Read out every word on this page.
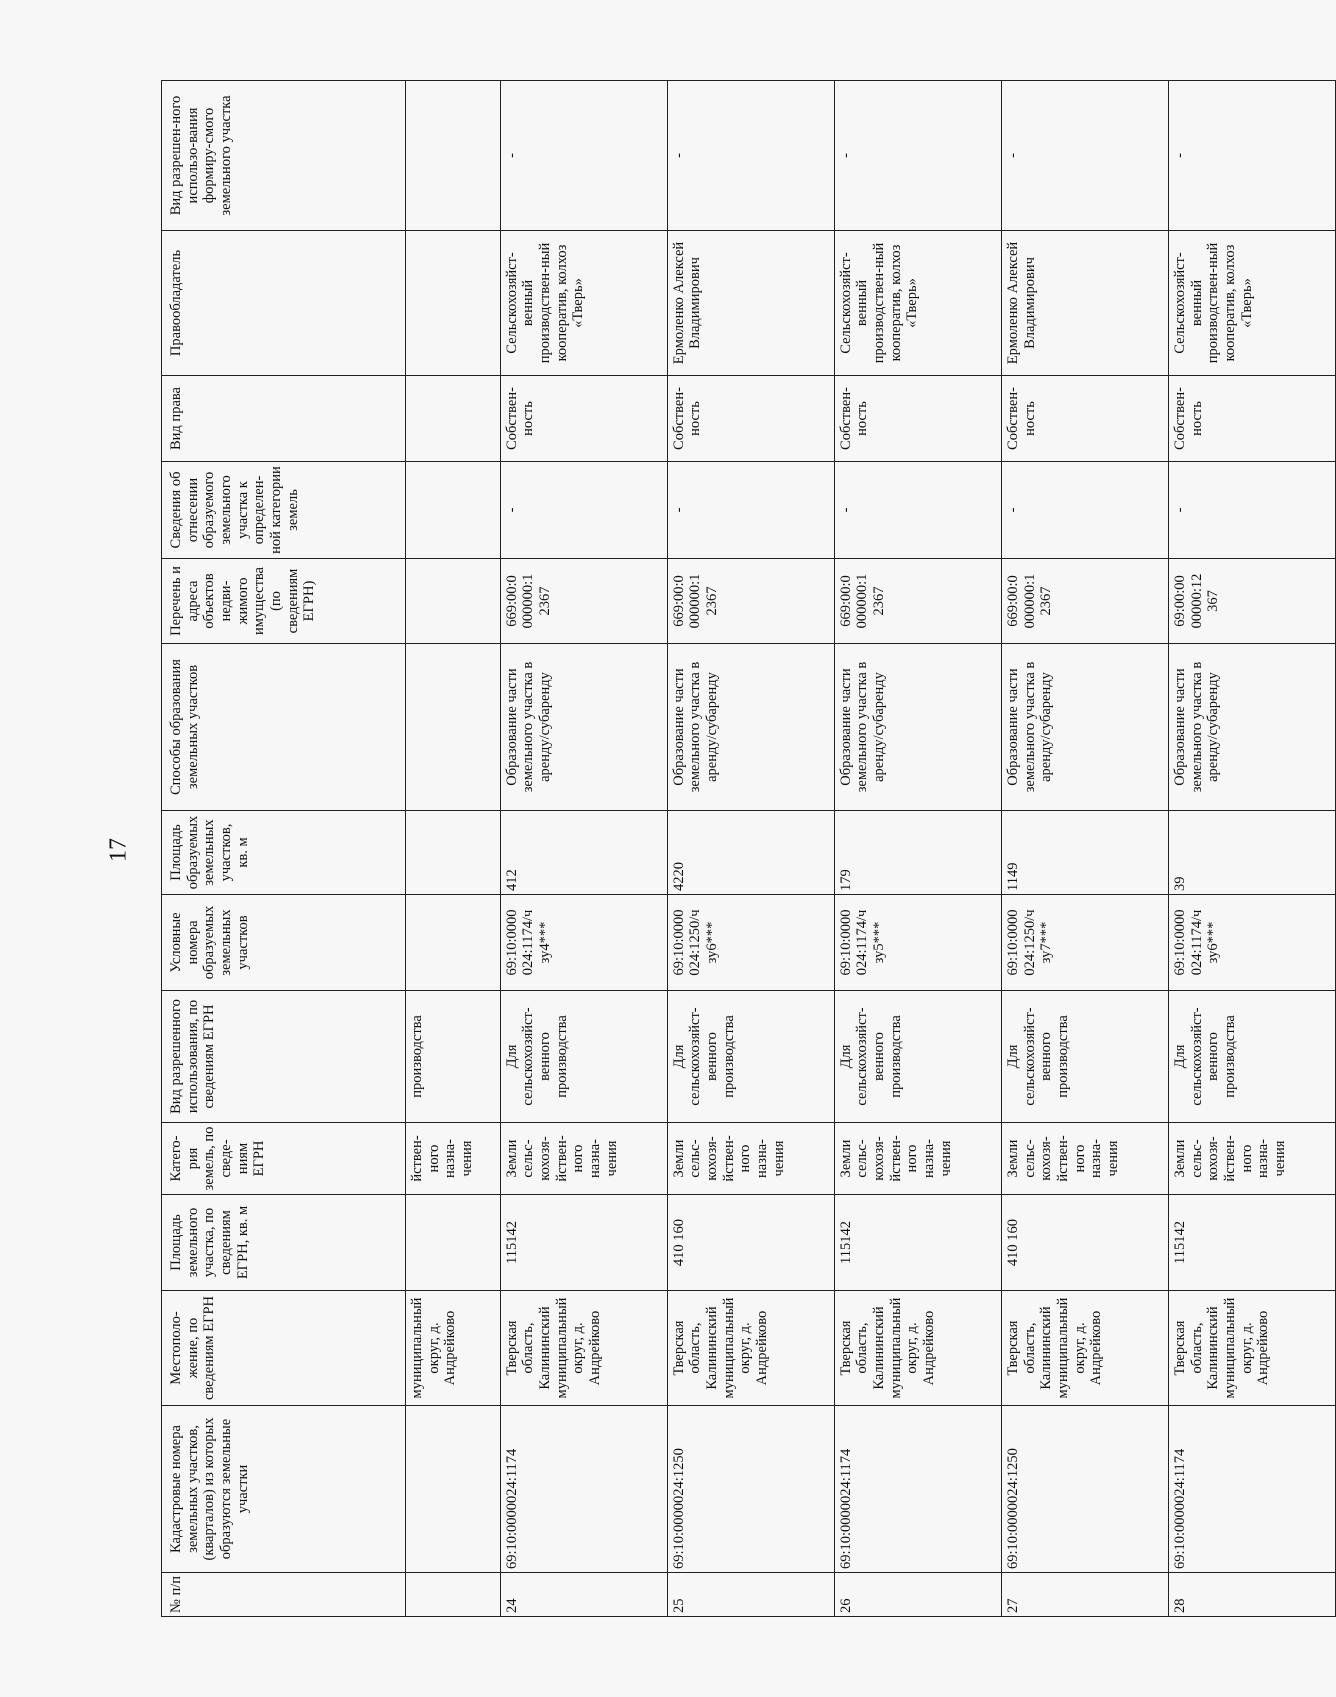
17
№ п/п	Кадастровые номера земельных участков, (кварталов) из которых образуются земельные участки	Местополо-жение, по сведениям ЕГРН	Площадь земельного участка, по сведениям ЕГРН, кв. м	Катего-рия земель, по сведе-ниям ЕГРН	Вид разрешенного использования, по сведениям ЕГРН	Условные номера образуемых земельных участков	Площадь образуемых земельных участков, кв. м	Способы образования земельных участков	Перечень и адреса объектов недви-жимого имущества (по сведениям ЕГРН)	Сведения об отнесении образуемого земельного участка к определен-ной категории земель	Вид права	Правообладатель	Вид разрешен-ного использо-вания формиру-смого земельного участка
		муниципальный округ, д. Андрейково		йствен-ного назна-чения	производства								
24	69:10:0000024:1174	Тверская область, Калининский муниципальный округ, д. Андрейково	115142	Земли сельс-кохозя-йствен-ного назна-чения	Для сельскохозяйст-венного производства	69:10:0000 024:1174/ч зу4***	412	Образование части земельного участка в аренду/субаренду	669:00:0 000000:1 2367	-	Собствен-ность	Сельскохозяйст-венный производствен-ный кооператив, колхоз «Тверь»	-
25	69:10:0000024:1250	Тверская область, Калининский муниципальный округ, д. Андрейково	410 160	Земли сельс-кохозя-йствен-ного назна-чения	Для сельскохозяйст-венного производства	69:10:0000 024:1250/ч зу6***	4220	Образование части земельного участка в аренду/субаренду	669:00:0 000000:1 2367	-	Собствен-ность	Ермоленко Алексей Владимирович	-
26	69:10:0000024:1174	Тверская область, Калининский муниципальный округ, д. Андрейково	115142	Земли сельс-кохозя-йствен-ного назна-чения	Для сельскохозяйст-венного производства	69:10:0000 024:1174/ч зу5***	179	Образование части земельного участка в аренду/субаренду	669:00:0 000000:1 2367	-	Собствен-ность	Сельскохозяйст-венный производствен-ный кооператив, колхоз «Тверь»	-
27	69:10:0000024:1250	Тверская область, Калининский муниципальный округ, д. Андрейково	410 160	Земли сельс-кохозя-йствен-ного назна-чения	Для сельскохозяйст-венного производства	69:10:0000 024:1250/ч зу7***	1149	Образование части земельного участка в аренду/субаренду	669:00:0 000000:1 2367	-	Собствен-ность	Ермоленко Алексей Владимирович	-
28	69:10:0000024:1174	Тверская область, Калининский муниципальный округ, д. Андрейково	115142	Земли сельс-кохозя-йствен-ного назна-чения	Для сельскохозяйст-венного производства	69:10:0000 024:1174/ч зу6***	39	Образование части земельного участка в аренду/субаренду	69:00:00 00000:12 367	-	Собствен-ность	Сельскохозяйст-венный производствен-ный кооператив, колхоз «Тверь»	-
